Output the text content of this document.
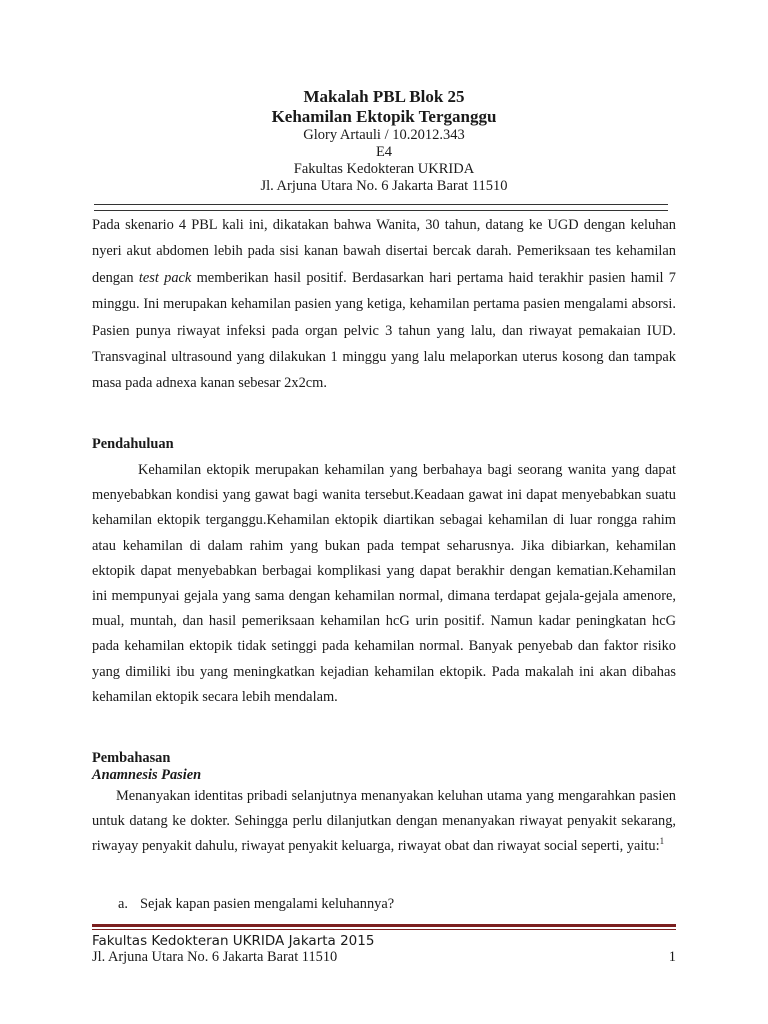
Makalah PBL Blok 25
Kehamilan Ektopik Terganggu
Glory Artauli / 10.2012.343
E4
Fakultas Kedokteran UKRIDA
Jl. Arjuna Utara No. 6 Jakarta Barat 11510

Pada skenario 4 PBL kali ini, dikatakan bahwa Wanita, 30 tahun, datang ke UGD dengan keluhan nyeri akut abdomen lebih pada sisi kanan bawah disertai bercak darah. Pemeriksaan tes kehamilan dengan test pack memberikan hasil positif. Berdasarkan hari pertama haid terakhir pasien hamil 7 minggu. Ini merupakan kehamilan pasien yang ketiga, kehamilan pertama pasien mengalami absorsi. Pasien punya riwayat infeksi pada organ pelvic 3 tahun yang lalu, dan riwayat pemakaian IUD. Transvaginal ultrasound yang dilakukan 1 minggu yang lalu melaporkan uterus kosong dan tampak masa pada adnexa kanan sebesar 2x2cm.

Pendahuluan

Kehamilan ektopik merupakan kehamilan yang berbahaya bagi seorang wanita yang dapat menyebabkan kondisi yang gawat bagi wanita tersebut.Keadaan gawat ini dapat menyebabkan suatu kehamilan ektopik terganggu.Kehamilan ektopik diartikan sebagai kehamilan di luar rongga rahim atau kehamilan di dalam rahim yang bukan pada tempat seharusnya. Jika dibiarkan, kehamilan ektopik dapat menyebabkan berbagai komplikasi yang dapat berakhir dengan kematian.Kehamilan ini mempunyai gejala yang sama dengan kehamilan normal, dimana terdapat gejala-gejala amenore, mual, muntah, dan hasil pemeriksaan kehamilan hcG urin positif. Namun kadar peningkatan hcG pada kehamilan ektopik tidak setinggi pada kehamilan normal. Banyak penyebab dan faktor risiko yang dimiliki ibu yang meningkatkan kejadian kehamilan ektopik. Pada makalah ini akan dibahas kehamilan ektopik secara lebih mendalam.

Pembahasan

Anamnesis Pasien

Menanyakan identitas pribadi selanjutnya menanyakan keluhan utama yang mengarahkan pasien untuk datang ke dokter. Sehingga perlu dilanjutkan dengan menanyakan riwayat penyakit sekarang, riwayay penyakit dahulu, riwayat penyakit keluarga, riwayat obat dan riwayat social seperti, yaitu:$^1$

a. Sejak kapan pasien mengalami keluhannya?
Fakultas Kedokteran UKRIDA Jakarta 2015
Jl. Arjuna Utara No. 6 Jakarta Barat 11510	1
